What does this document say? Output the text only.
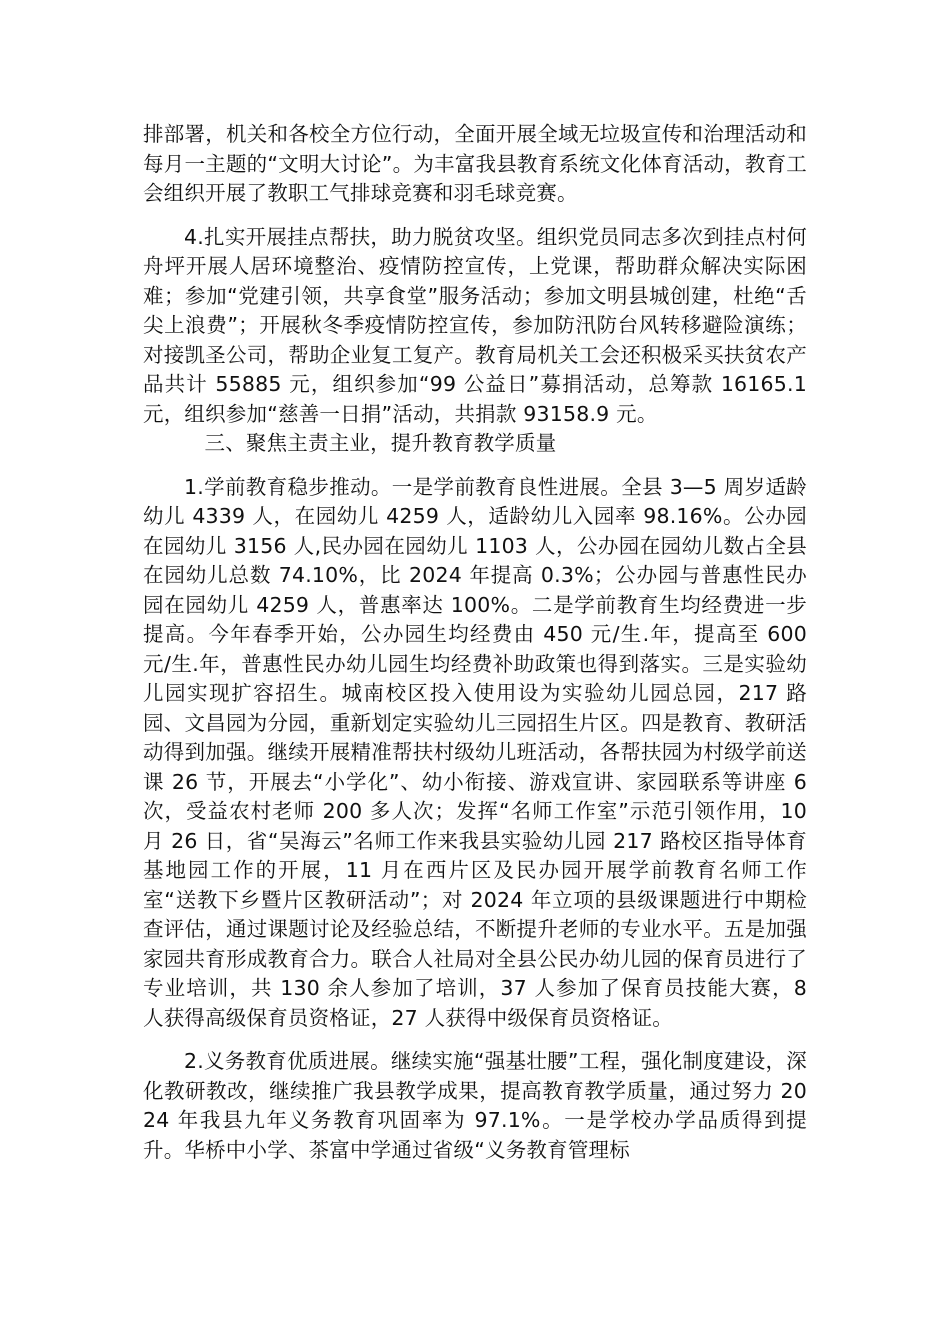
排部署，机关和各校全方位行动，全面开展全域无垃圾宣传和治理活动和每月一主题的“文明大讨论”。为丰富我县教育系统文化体育活动，教育工会组织开展了教职工气排球竞赛和羽毛球竞赛。

4.扎实开展挂点帮扶，助力脱贫攻坚。组织党员同志多次到挂点村何舟坪开展人居环境整治、疫情防控宣传，上党课，帮助群众解决实际困难；参加“党建引领，共享食堂”服务活动；参加文明县城创建，杜绝“舌尖上浪费”；开展秋冬季疫情防控宣传，参加防汛防台风转移避险演练；对接凯圣公司，帮助企业复工复产。教育局机关工会还积极采买扶贫农产品共计 55885 元，组织参加“99 公益日”募捐活动，总筹款 16165.1 元，组织参加“慈善一日捐”活动，共捐款 93158.9 元。

三、聚焦主责主业，提升教育教学质量

1.学前教育稳步推动。一是学前教育良性进展。全县 3—5 周岁适龄幼儿 4339 人，在园幼儿 4259 人，适龄幼儿入园率 98.16%。公办园在园幼儿 3156 人,民办园在园幼儿 1103 人，公办园在园幼儿数占全县在园幼儿总数 74.10%，比 2024 年提高 0.3%；公办园与普惠性民办园在园幼儿 4259 人，普惠率达 100%。二是学前教育生均经费进一步提高。今年春季开始，公办园生均经费由 450 元/生.年，提高至 600 元/生.年，普惠性民办幼儿园生均经费补助政策也得到落实。三是实验幼儿园实现扩容招生。城南校区投入使用设为实验幼儿园总园，217 路园、文昌园为分园，重新划定实验幼儿三园招生片区。四是教育、教研活动得到加强。继续开展精准帮扶村级幼儿班活动，各帮扶园为村级学前送课 26 节，开展去“小学化”、幼小衔接、游戏宣讲、家园联系等讲座 6 次，受益农村老师 200 多人次；发挥“名师工作室”示范引领作用，10 月 26 日，省“吴海云”名师工作来我县实验幼儿园 217 路校区指导体育基地园工作的开展，11 月在西片区及民办园开展学前教育名师工作室“送教下乡暨片区教研活动”；对 2024 年立项的县级课题进行中期检查评估，通过课题讨论及经验总结，不断提升老师的专业水平。五是加强家园共育形成教育合力。联合人社局对全县公民办幼儿园的保育员进行了专业培训，共 130 余人参加了培训，37 人参加了保育员技能大赛，8 人获得高级保育员资格证，27 人获得中级保育员资格证。

2.义务教育优质进展。继续实施“强基壮腰”工程，强化制度建设，深化教研教改，继续推广我县教学成果，提高教育教学质量，通过努力 2024 年我县九年义务教育巩固率为 97.1%。一是学校办学品质得到提升。华桥中小学、茶富中学通过省级“义务教育管理标
